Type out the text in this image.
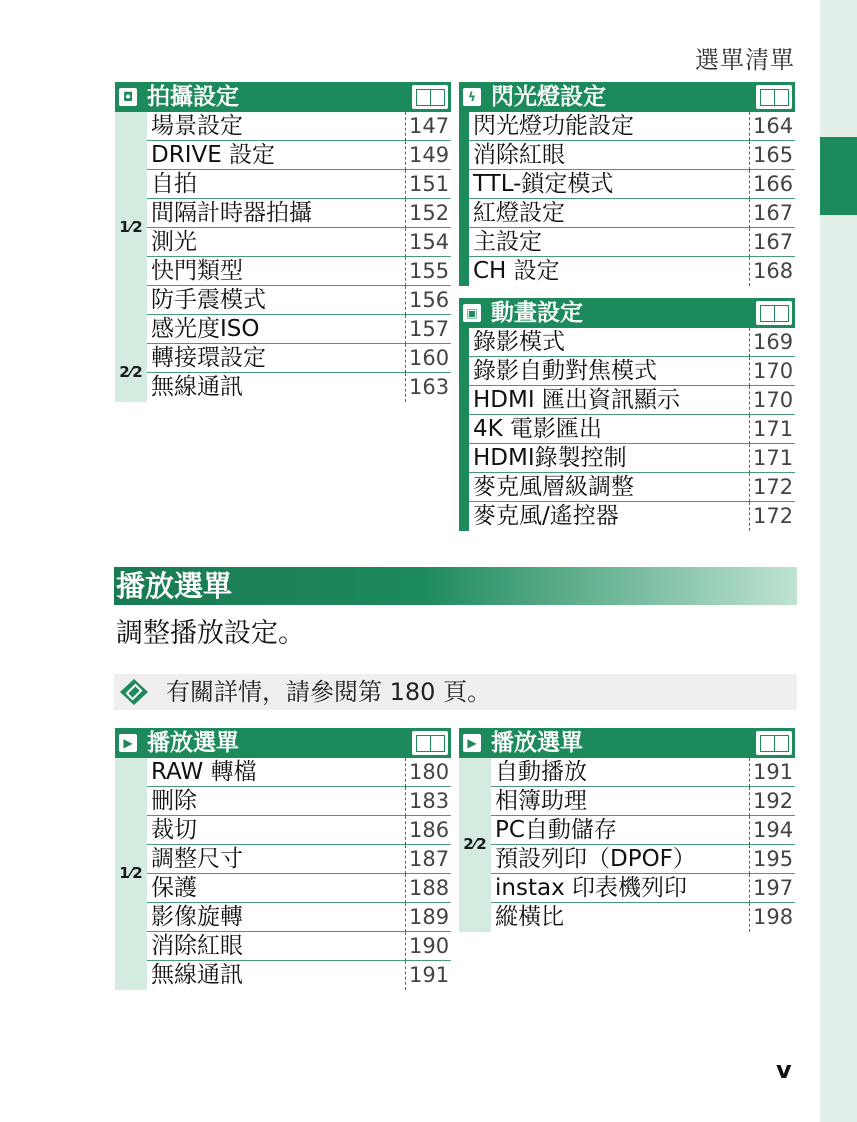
選單清單
◘ 拍攝設定
1⁄2
場景設定	147
DRIVE 設定	149
自拍	151
間隔計時器拍攝	152
測光	154
快門類型	155
防手震模式	156
感光度ISO	157
2⁄2
轉接環設定	160
無線通訊	163
ϟ 閃光燈設定
閃光燈功能設定	164
消除紅眼	165
TTL-鎖定模式	166
紅燈設定	167
主設定	167
CH 設定	168
▣ 動畫設定
錄影模式	169
錄影自動對焦模式	170
HDMI 匯出資訊顯示	170
4K 電影匯出	171
HDMI錄製控制	171
麥克風層級調整	172
麥克風/遙控器	172
播放選單
調整播放設定。
有關詳情，請參閱第 180 頁。
▶ 播放選單
1⁄2
RAW 轉檔	180
刪除	183
裁切	186
調整尺寸	187
保護	188
影像旋轉	189
消除紅眼	190
無線通訊	191
▶ 播放選單
2⁄2
自動播放	191
相簿助理	192
PC自動儲存	194
預設列印（DPOF）	195
instax 印表機列印	197
縱橫比	198
v
